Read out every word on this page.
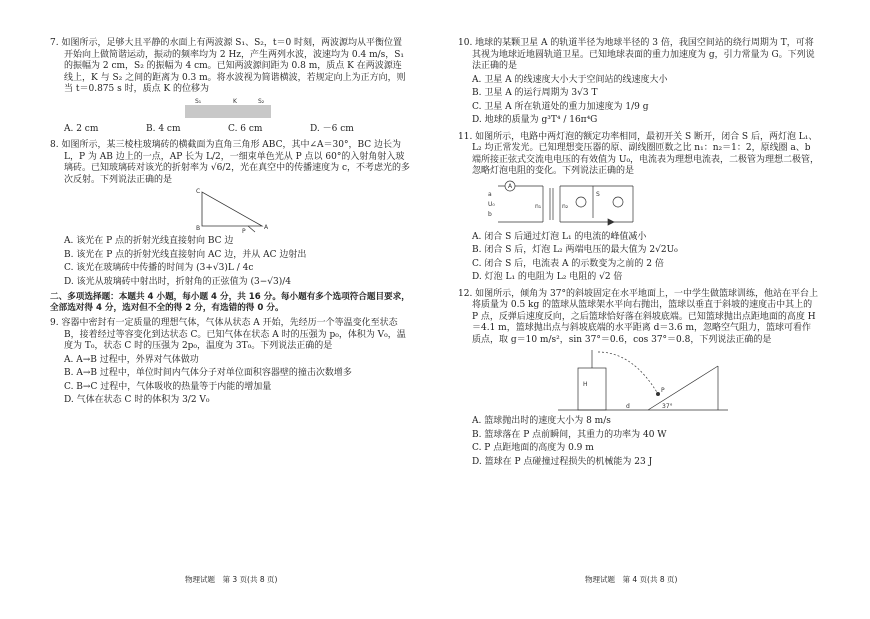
7. 如图所示，足够大且平静的水面上有两波源 S₁、S₂，t＝0 时刻，两波源均从平衡位置开始向上做简谐运动，振动的频率均为 2 Hz，产生两列水波，波速均为 0.4 m/s，S₁ 的振幅为 2 cm，S₂ 的振幅为 4 cm。已知两波源间距为 0.8 m，质点 K 在两波源连线上，K 与 S₂ 之间的距离为 0.3 m。将水波视为简谐横波，若规定向上为正方向，则当 t＝0.875 s 时，质点 K 的位移为

S₁	K	S₂
A. 2 cm	B. 4 cm	C. 6 cm	D. －6 cm

8. 如图所示，某三棱柱玻璃砖的横截面为直角三角形 ABC，其中∠A＝30°，BC 边长为 L，P 为 AB 边上的一点，AP 长为 L/2，一细束单色光从 P 点以 60°的入射角射入玻璃砖。已知玻璃砖对该光的折射率为 √6/2，光在真空中的传播速度为 c，不考虑光的多次反射。下列说法正确的是

C
B	P
A

A. 该光在 P 点的折射光线直接射向 BC 边

B. 该光在 P 点的折射光线直接射向 AC 边，并从 AC 边射出

C. 该光在玻璃砖中传播的时间为 (3+√3)L / 4c

D. 该光从玻璃砖中射出时，折射角的正弦值为 (3−√3)/4

二、多项选择题：本题共 4 小题，每小题 4 分，共 16 分。每小题有多个选项符合题目要求，全部选对得 4 分，选对但不全的得 2 分，有选错的得 0 分。

9. 容器中密封有一定质量的理想气体，气体从状态 A 开始，先经历一个等温变化至状态 B，接着经过等容变化到达状态 C。已知气体在状态 A 时的压强为 p₀，体积为 V₀，温度为 T₀，状态 C 时的压强为 2p₀，温度为 3T₀。下列说法正确的是

A. A→B 过程中，外界对气体做功

B. A→B 过程中，单位时间内气体分子对单位面积容器壁的撞击次数增多

C. B→C 过程中，气体吸收的热量等于内能的增加量

D. 气体在状态 C 时的体积为 3/2 V₀

物理试题　第 3 页(共 8 页)

10. 地球的某颗卫星 A 的轨道半径为地球半径的 3 倍，我国空间站的绕行周期为 T，可将其视为地球近地圆轨道卫星。已知地球表面的重力加速度为 g，引力常量为 G。下列说法正确的是

A. 卫星 A 的线速度大小大于空间站的线速度大小

B. 卫星 A 的运行周期为 3√3 T

C. 卫星 A 所在轨道处的重力加速度为 1/9 g

D. 地球的质量为 g³T⁴ / 16π⁴G

11. 如图所示，电路中两灯泡的额定功率相同，最初开关 S 断开，闭合 S 后，两灯泡 L₁、L₂ 均正常发光。已知理想变压器的原、副线圈匝数之比 n₁：n₂＝1：2，原线圈 a、b 端所接正弦式交流电电压的有效值为 U₀，电流表为理想电流表，二极管为理想二极管，忽略灯泡电阻的变化。下列说法正确的是

A
a
U₀
b
n₁	n₂
S

A. 闭合 S 后通过灯泡 L₁ 的电流的峰值减小

B. 闭合 S 后，灯泡 L₂ 两端电压的最大值为 2√2U₀

C. 闭合 S 后，电流表 A 的示数变为之前的 2 倍

D. 灯泡 L₁ 的电阻为 L₂ 电阻的 √2 倍

12. 如图所示，倾角为 37°的斜坡固定在水平地面上，一中学生做篮球训练，他站在平台上将质量为 0.5 kg 的篮球从篮球架水平向右抛出，篮球以垂直于斜坡的速度击中其上的 P 点，反弹后速度反向，之后篮球恰好落在斜坡底端。已知篮球抛出点距地面的高度 H＝4.1 m，篮球抛出点与斜坡底端的水平距离 d＝3.6 m，忽略空气阻力，篮球可看作质点，取 g＝10 m/s²，sin 37°＝0.6，cos 37°＝0.8，下列说法正确的是

H
P
d	37°

A. 篮球抛出时的速度大小为 8 m/s

B. 篮球落在 P 点前瞬间，其重力的功率为 40 W

C. P 点距地面的高度为 0.9 m

D. 篮球在 P 点碰撞过程损失的机械能为 23 J

物理试题　第 4 页(共 8 页)
